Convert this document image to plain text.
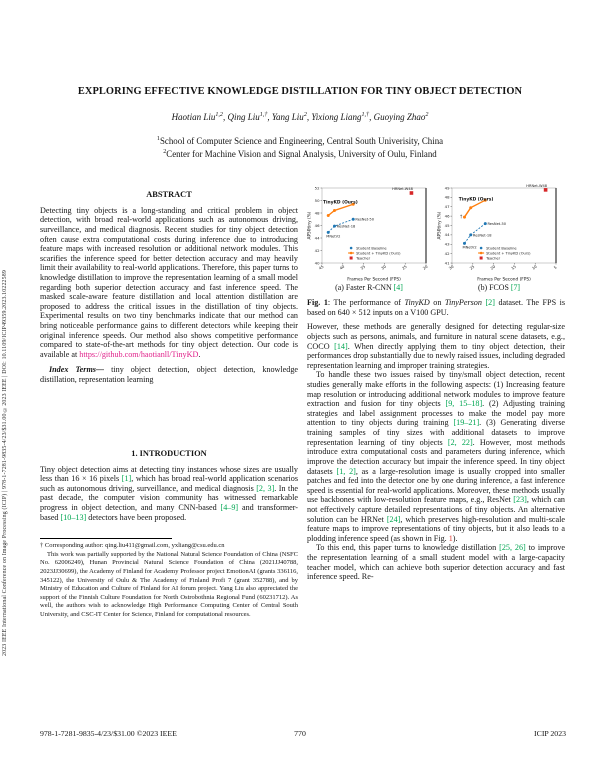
2023 IEEE International Conference on Image Processing (ICIP) | 978-1-7281-9835-4/23/$31.00 ©2023 IEEE | DOI: 10.1109/ICIP49359.2023.10222589
EXPLORING EFFECTIVE KNOWLEDGE DISTILLATION FOR TINY OBJECT DETECTION
Haotian Liu$^{1,2}$, Qing Liu$^{1,\dagger}$, Yang Liu$^2$, Yixiong Liang$^{1,\dagger}$, Guoying Zhao$^2$
$^1$School of Computer Science and Engineering, Central South Univerisity, China
$^2$Center for Machine Vision and Signal Analysis, University of Oulu, Finland
ABSTRACT

Detecting tiny objects is a long-standing and critical problem in object detection, with broad real-world applications such as autonomous driving, surveillance, and medical diagnosis. Recent studies for tiny object detection often cause extra computational costs during inference due to introducing feature maps with increased resolution or additional network modules. This scarifies the inference speed for better detection accuracy and may heavily limit their availability to real-world applications. Therefore, this paper turns to knowledge distillation to improve the representation learning of a small model regarding both superior detection accuracy and fast inference speed. The masked scale-aware feature distillation and local attention distillation are proposed to address the critical issues in the distillation of tiny objects. Experimental results on two tiny benchmarks indicate that our method can bring noticeable performance gains to different detectors while keeping their original inference speeds. Our method also shows competitive performance compared to state-of-the-art methods for tiny object detection. Our code is available at https://github.com/haotianll/TinyKD.

Index Terms— tiny object detection, object detection, knowledge distillation, representation learning

1. INTRODUCTION

Tiny object detection aims at detecting tiny instances whose sizes are usually less than 16 × 16 pixels [1], which has broad real-world application scenarios such as autonomous driving, surveillance, and medical diagnosis [2, 3]. In the past decade, the computer vision community has witnessed remarkable progress in object detection, and many CNN-based [4–9] and transformer-based [10–13] detectors have been proposed.

† Corresponding author: qing.liu411@gmail.com, yxliang@csu.edu.cn

This work was partially supported by the National Natural Science Foundation of China (NSFC No. 62006249), Hunan Provincial Natural Science Foundation of China (2021JJ40788, 2023JJ30699), the Academy of Finland for Academy Professor project EmotionAI (grants 336116, 345122), the University of Oulu & The Academy of Finland Profi 7 (grant 352788), and by Ministry of Education and Culture of Finland for AI forum project. Yang Liu also appreciated the support of the Finnish Culture Foundation for North Ostrobothnia Regional Fund (60231712). As well, the authors wish to acknowledge High Performance Computing Center of Central South University, and CSC-IT Center for Science, Finland for computational resources.

45	40	35	30	25	20
40
42
44
46
48
50
52
Frames Per Second (FPS)
AP50tiny (%)	MNetV2
ResNet-18
ResNet-50
TinyKD (Ours)
HRNet-W48
Student Baseline
Student + TinyKD (Ours)
Teacher
(a) Faster R-CNN [4]
30	25	20	15	10	5
41
42
43
44
45
46
47
48
49
Frames Per Second (FPS)
AP50tiny (%)
MNetV2
ResNet-18
ResNet-50
TinyKD (Ours)
HRNet-W48
Student Baseline
Student + TinyKD (Ours)
Teacher
†
(b) FCOS [7]

Fig. 1: The performance of TinyKD on TinyPerson [2] dataset. The FPS is based on 640 × 512 inputs on a V100 GPU.

However, these methods are generally designed for detecting regular-size objects such as persons, animals, and furniture in natural scene datasets, e.g., COCO [14]. When directly applying them to tiny object detection, their performances drop substantially due to newly raised issues, including degraded representation learning and improper training strategies.

To handle these two issues raised by tiny/small object detection, recent studies generally make efforts in the following aspects: (1) Increasing feature map resolution or introducing additional network modules to improve feature extraction and fusion for tiny objects [9, 15–18]. (2) Adjusting training strategies and label assignment processes to make the model pay more attention to tiny objects during training [19–21]. (3) Generating diverse training samples of tiny sizes with additional datasets to improve representation learning of tiny objects [2, 22]. However, most methods introduce extra computational costs and parameters during inference, which improve the detection accuracy but impair the inference speed. In tiny object datasets [1, 2], as a large-resolution image is usually cropped into smaller patches and fed into the detector one by one during inference, a fast inference speed is essential for real-world applications. Moreover, these methods usually use backbones with low-resolution feature maps, e.g., ResNet [23], which can not effectively capture detailed representations of tiny objects. An alternative solution can be HRNet [24], which preserves high-resolution and multi-scale feature maps to improve representations of tiny objects, but it also leads to a plodding inference speed (as shown in Fig. 1).

To this end, this paper turns to knowledge distillation [25, 26] to improve the representation learning of a small student model with a large-capacity teacher model, which can achieve both superior detection accuracy and fast inference speed. Re-

978-1-7281-9835-4/23/$31.00 ©2023 IEEE	770	ICIP 2023
